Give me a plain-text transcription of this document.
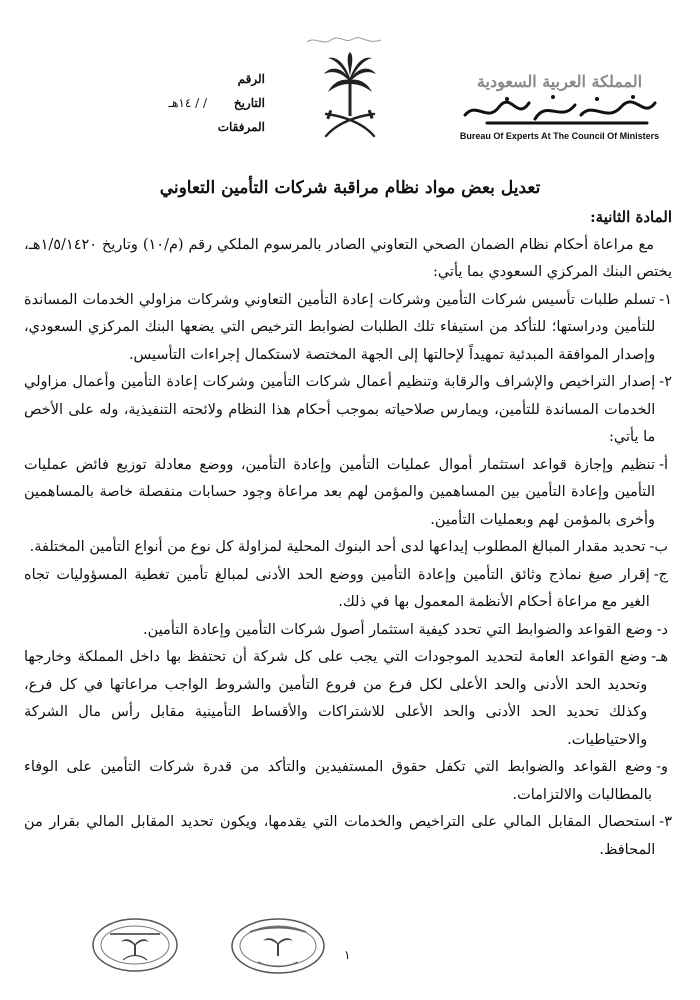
الرقم
التاريخ
/ / ١٤هـ
المرفقات
المملكة العربية السعودية
Bureau Of Experts At The Council Of Ministers
تعديل بعض مواد نظام مراقبة شركات التأمين التعاوني

المادة الثانية:

مع مراعاة أحكام نظام الضمان الصحي التعاوني الصادر بالمرسوم الملكي رقم (م/١٠) وتاريخ ١/٥/١٤٢٠هـ، يختص البنك المركزي السعودي بما يأتي:

١-
تسلم طلبات تأسيس شركات التأمين وشركات إعادة التأمين التعاوني وشركات مزاولي الخدمات المساندة للتأمين ودراستها؛ للتأكد من استيفاء تلك الطلبات لضوابط الترخيص التي يضعها البنك المركزي السعودي، وإصدار الموافقة المبدئية تمهيداً لإحالتها إلى الجهة المختصة لاستكمال إجراءات التأسيس.
٢-
إصدار التراخيص والإشراف والرقابة وتنظيم أعمال شركات التأمين وشركات إعادة التأمين وأعمال مزاولي الخدمات المساندة للتأمين، ويمارس صلاحياته بموجب أحكام هذا النظام ولائحته التنفيذية، وله على الأخص ما يأتي:
أ-
تنظيم وإجازة قواعد استثمار أموال عمليات التأمين وإعادة التأمين، ووضع معادلة توزيع فائض عمليات التأمين وإعادة التأمين بين المساهمين والمؤمن لهم بعد مراعاة وجود حسابات منفصلة خاصة بالمساهمين وأخرى بالمؤمن لهم وبعمليات التأمين.
ب-
تحديد مقدار المبالغ المطلوب إيداعها لدى أحد البنوك المحلية لمزاولة كل نوع من أنواع التأمين المختلفة.
ج-
إقرار صيغ نماذج وثائق التأمين وإعادة التأمين ووضع الحد الأدنى لمبالغ تأمين تغطية المسؤوليات تجاه الغير مع مراعاة أحكام الأنظمة المعمول بها في ذلك.
د-
وضع القواعد والضوابط التي تحدد كيفية استثمار أصول شركات التأمين وإعادة التأمين.
هـ-
وضع القواعد العامة لتحديد الموجودات التي يجب على كل شركة أن تحتفظ بها داخل المملكة وخارجها وتحديد الحد الأدنى والحد الأعلى لكل فرع من فروع التأمين والشروط الواجب مراعاتها في كل فرع، وكذلك تحديد الحد الأدنى والحد الأعلى للاشتراكات والأقساط التأمينية مقابل رأس مال الشركة والاحتياطيات.
و-
وضع القواعد والضوابط التي تكفل حقوق المستفيدين والتأكد من قدرة شركات التأمين على الوفاء بالمطالبات والالتزامات.
٣-
استحصال المقابل المالي على التراخيص والخدمات التي يقدمها، ويكون تحديد المقابل المالي بقرار من المحافظ.
١
